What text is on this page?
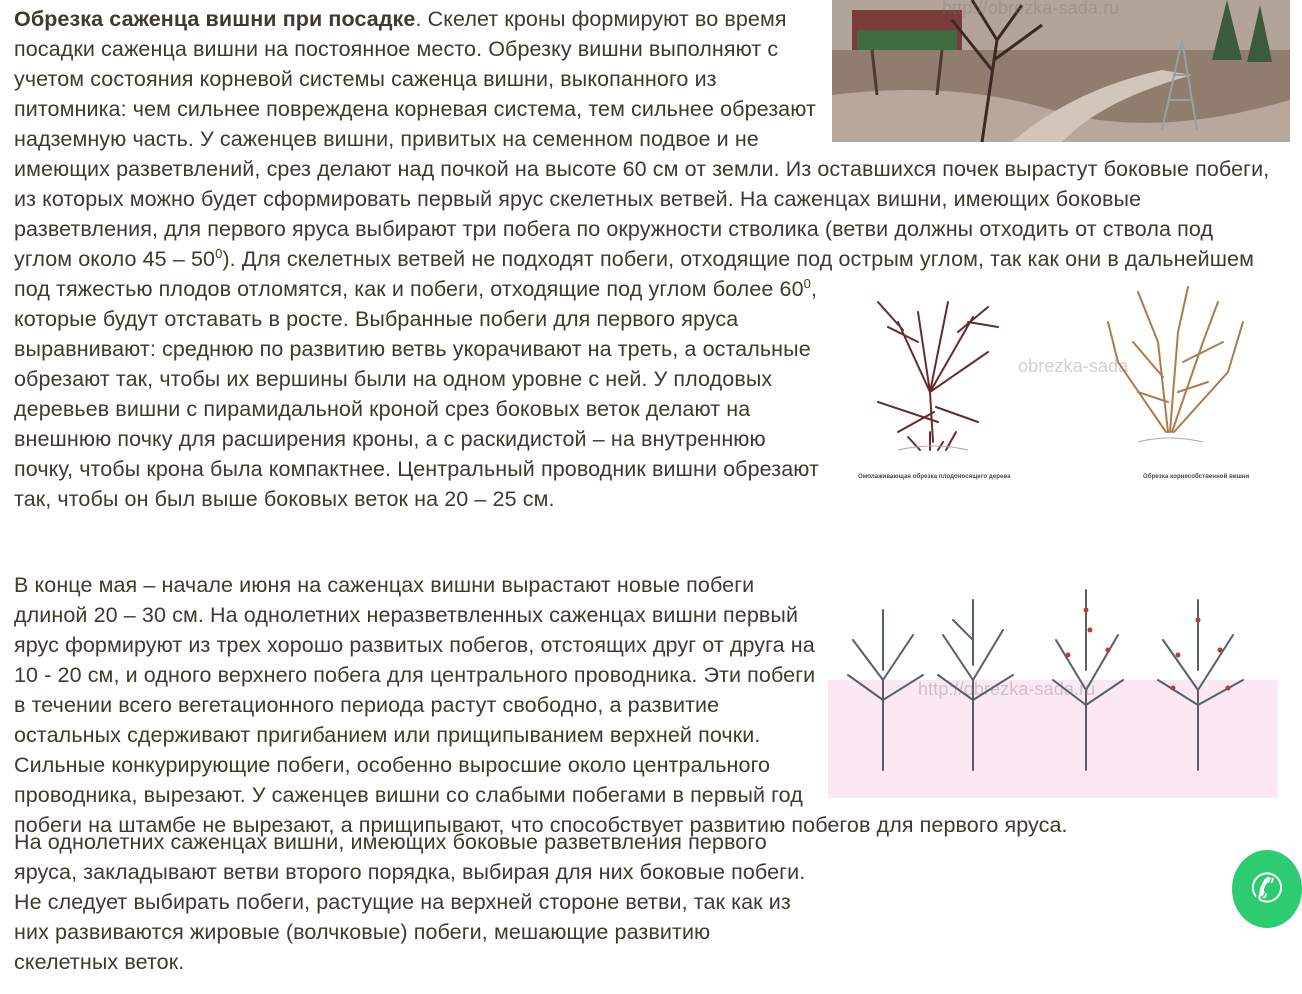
http://obrezka-sada.ru
Обрезка саженца вишни при посадке. Скелет кроны формируют во время посадки саженца вишни на постоянное место. Обрезку вишни выполняют с учетом состояния корневой системы саженца вишни, выкопанного из питомника: чем сильнее повреждена корневая система, тем сильнее обрезают надземную часть. У саженцев вишни, привитых на семенном подвое и не имеющих разветвлений, срез делают над почкой на высоте 60 см от земли. Из оставшихся почек вырастут боковые побеги, из которых можно будет сформировать первый ярус скелетных ветвей. На саженцах вишни, имеющих боковые разветвления, для первого яруса выбирают три побега по окружности стволика (ветви должны отходить от ствола под углом около $45 - 50^0$). Для скелетных ветвей не подходят побеги, отходящие под острым углом, так как они в дальнейшем под тяжестью плодов отломятся, как и побеги, отходящие под углом более $60^0$
obrezka-sada
Омолаживающая обрезка плодоносящего дерева	Обрезка корнесобственной вишни
, которые будут отставать в росте. Выбранные побеги для первого яруса выравнивают: среднюю по развитию ветвь укорачивают на треть, а остальные обрезают так, чтобы их вершины были на одном уровне с ней. У плодовых деревьев вишни с пирамидальной кроной срез боковых веток делают на внешнюю почку для расширения кроны, а с раскидистой – на внутреннюю почку, чтобы крона была компактнее. Центральный проводник вишни обрезают так, чтобы он был выше боковых веток на 20 – 25 см.

http://obrezka-sada.ru
В конце мая – начале июня на саженцах вишни вырастают новые побеги длиной 20 – 30 см. На однолетних неразветвленных саженцах вишни первый ярус формируют из трех хорошо развитых побегов, отстоящих друг от друга на 10 - 20 см, и одного верхнего побега для центрального проводника. Эти побеги в течении всего вегетационного периода растут свободно, а развитие остальных сдерживают пригибанием или прищипыванием верхней почки. Сильные конкурирующие побеги, особенно выросшие около центрального проводника, вырезают. У саженцев вишни со слабыми побегами в первый год побеги на штамбе не вырезают, а прищипывают, что способствует развитию побегов для первого яруса.

На однолетних саженцах вишни, имеющих боковые разветвления первого яруса, закладывают ветви второго порядка, выбирая для них боковые побеги. Не следует выбирать побеги, растущие на верхней стороне ветви, так как из них развиваются жировые (волчковые) побеги, мешающие развитию скелетных веток.

✆
